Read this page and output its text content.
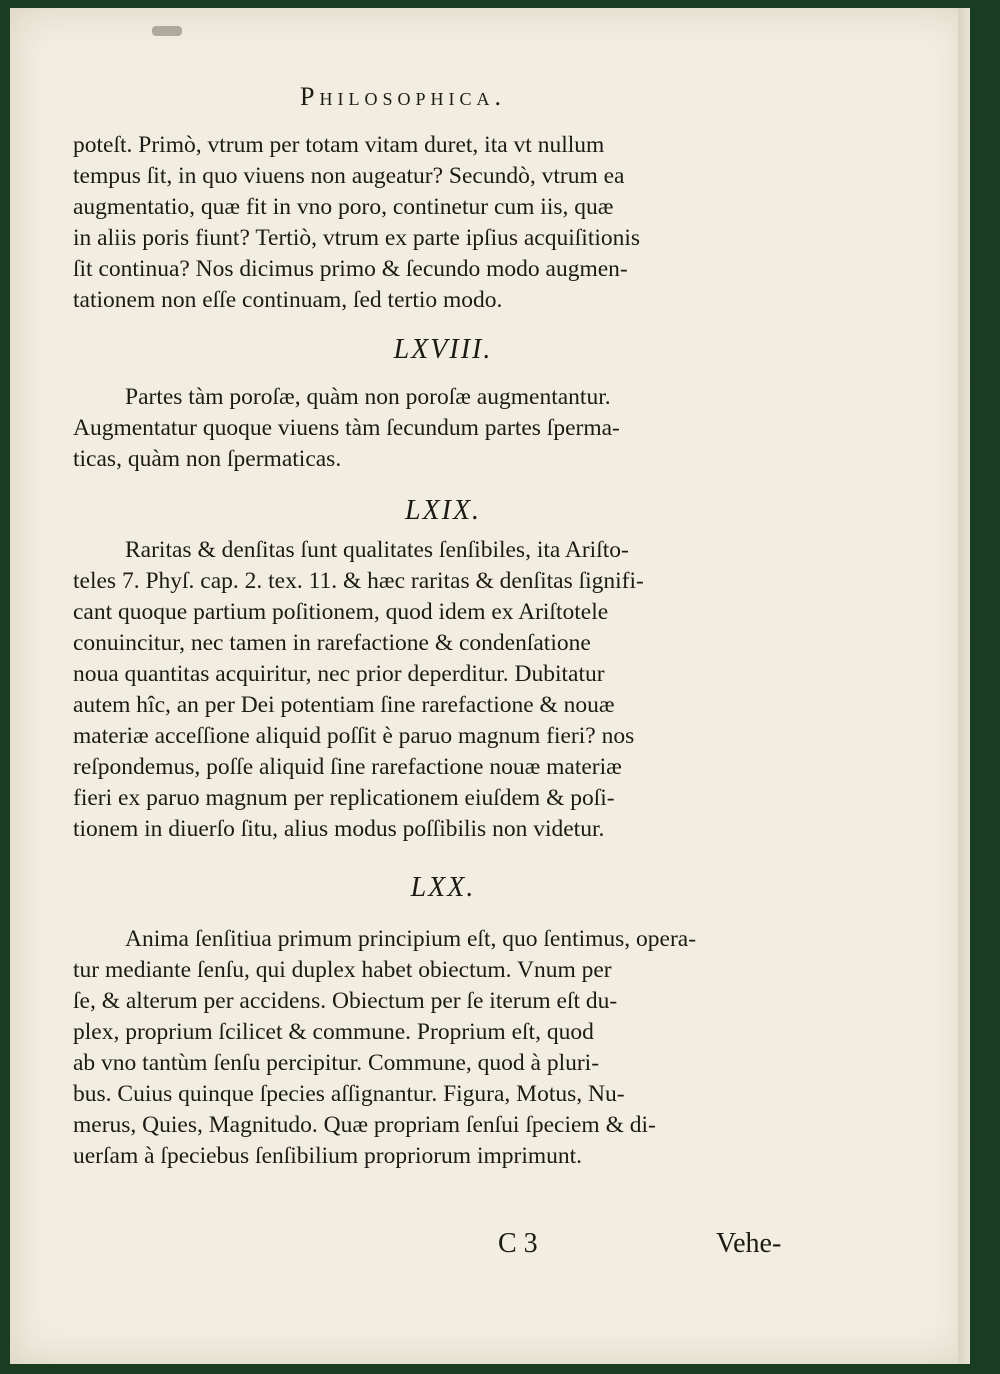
Philosophica.
poteſt. Primò, vtrum per totam vitam duret, ita vt nullum
tempus ſit, in quo viuens non augeatur? Secundò, vtrum ea
augmentatio, quæ fit in vno poro, continetur cum iis, quæ
in aliis poris fiunt? Tertiò, vtrum ex parte ipſius acquiſitionis
ſit continua? Nos dicimus primo & ſecundo modo augmen-
tationem non eſſe continuam, ſed tertio modo.
LXVIII.
Partes tàm poroſæ, quàm non poroſæ augmentantur.
Augmentatur quoque viuens tàm ſecundum partes ſperma-
ticas, quàm non ſpermaticas.
LXIX.
Raritas & denſitas ſunt qualitates ſenſibiles, ita Ariſto-
teles 7. Phyſ. cap. 2. tex. 11. & hæc raritas & denſitas ſignifi-
cant quoque partium poſitionem, quod idem ex Ariſtotele
conuincitur, nec tamen in rarefactione & condenſatione
noua quantitas acquiritur, nec prior deperditur. Dubitatur
autem hîc, an per Dei potentiam ſine rarefactione & nouæ
materiæ acceſſione aliquid poſſit è paruo magnum fieri? nos
reſpondemus, poſſe aliquid ſine rarefactione nouæ materiæ
fieri ex paruo magnum per replicationem eiuſdem & poſi-
tionem in diuerſo ſitu, alius modus poſſibilis non videtur.
LXX.
Anima ſenſitiua primum principium eſt, quo ſentimus, opera-
tur mediante ſenſu, qui duplex habet obiectum. Vnum per
ſe, & alterum per accidens. Obiectum per ſe iterum eſt du-
plex, proprium ſcilicet & commune. Proprium eſt, quod
ab vno tantùm ſenſu percipitur. Commune, quod à pluri-
bus. Cuius quinque ſpecies aſſignantur. Figura, Motus, Nu-
merus, Quies, Magnitudo. Quæ propriam ſenſui ſpeciem & di-
uerſam à ſpeciebus ſenſibilium propriorum imprimunt.
C 3	Vehe-
